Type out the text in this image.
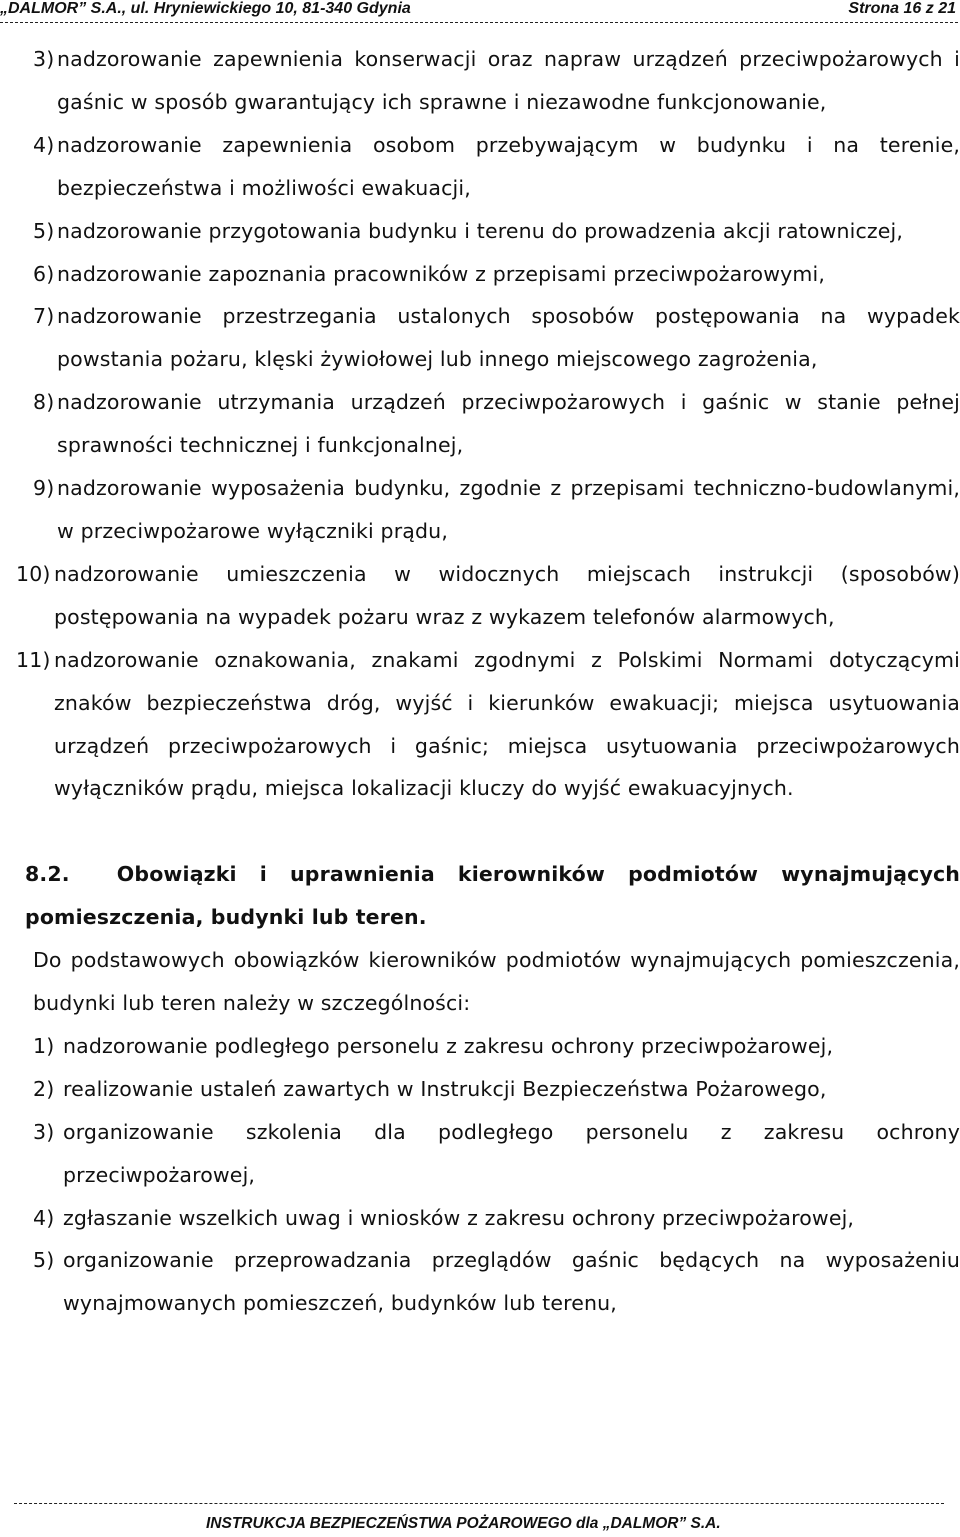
„DALMOR” S.A., ul. Hryniewickiego 10, 81-340 Gdynia	Strona 16 z 21
3) nadzorowanie zapewnienia konserwacji oraz napraw urządzeń przeciwpożarowych i gaśnic w sposób gwarantujący ich sprawne i niezawodne funkcjonowanie,
4) nadzorowanie zapewnienia osobom przebywającym w budynku i na terenie, bezpieczeństwa i możliwości ewakuacji,
5) nadzorowanie przygotowania budynku i terenu do prowadzenia akcji ratowniczej,
6) nadzorowanie zapoznania pracowników z przepisami przeciwpożarowymi,
7) nadzorowanie przestrzegania ustalonych sposobów postępowania na wypadek powstania pożaru, klęski żywiołowej lub innego miejscowego zagrożenia,
8) nadzorowanie utrzymania urządzeń przeciwpożarowych i gaśnic w stanie pełnej sprawności technicznej i funkcjonalnej,
9) nadzorowanie wyposażenia budynku, zgodnie z przepisami techniczno-budowlanymi, w przeciwpożarowe wyłączniki prądu,
10) nadzorowanie umieszczenia w widocznych miejscach instrukcji (sposobów) postępowania na wypadek pożaru wraz z wykazem telefonów alarmowych,
11) nadzorowanie oznakowania, znakami zgodnymi z Polskimi Normami dotyczącymi znaków bezpieczeństwa dróg, wyjść i kierunków ewakuacji; miejsca usytuowania urządzeń przeciwpożarowych i gaśnic; miejsca usytuowania przeciwpożarowych wyłączników prądu, miejsca lokalizacji kluczy do wyjść ewakuacyjnych.
8.2. Obowiązki i uprawnienia kierowników podmiotów wynajmujących pomieszczenia, budynki lub teren.
Do podstawowych obowiązków kierowników podmiotów wynajmujących pomieszczenia, budynki lub teren należy w szczególności:
1) nadzorowanie podległego personelu z zakresu ochrony przeciwpożarowej,
2) realizowanie ustaleń zawartych w Instrukcji Bezpieczeństwa Pożarowego,
3) organizowanie szkolenia dla podległego personelu z zakresu ochrony przeciwpożarowej,
4) zgłaszanie wszelkich uwag i wniosków z zakresu ochrony przeciwpożarowej,
5) organizowanie przeprowadzania przeglądów gaśnic będących na wyposażeniu wynajmowanych pomieszczeń, budynków lub terenu,
INSTRUKCJA BEZPIECZEŃSTWA POŻAROWEGO dla „DALMOR” S.A.
